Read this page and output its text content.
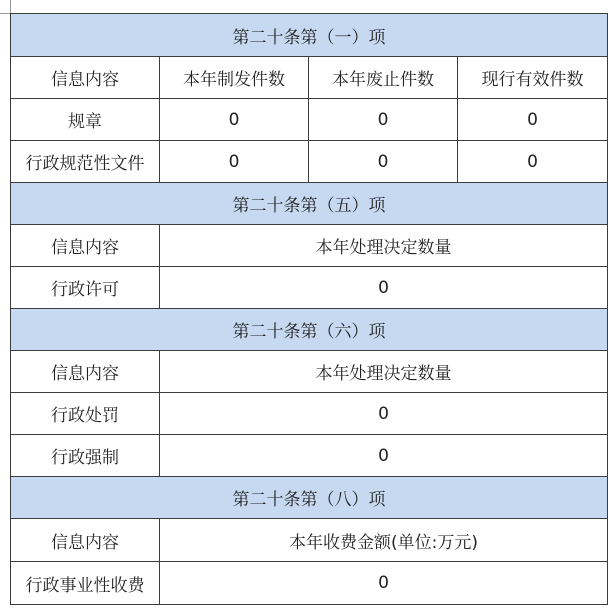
第二十条第（一）项			
信息内容	本年制发件数	本年废止件数	现行有效件数
规章	0	0	0
行政规范性文件	0	0	0
第二十条第（五）项			
信息内容	本年处理决定数量		
行政许可	0		
第二十条第（六）项			
信息内容	本年处理决定数量		
行政处罚	0		
行政强制	0		
第二十条第（八）项			
信息内容	本年收费金额(单位:万元)		
行政事业性收费	0		
